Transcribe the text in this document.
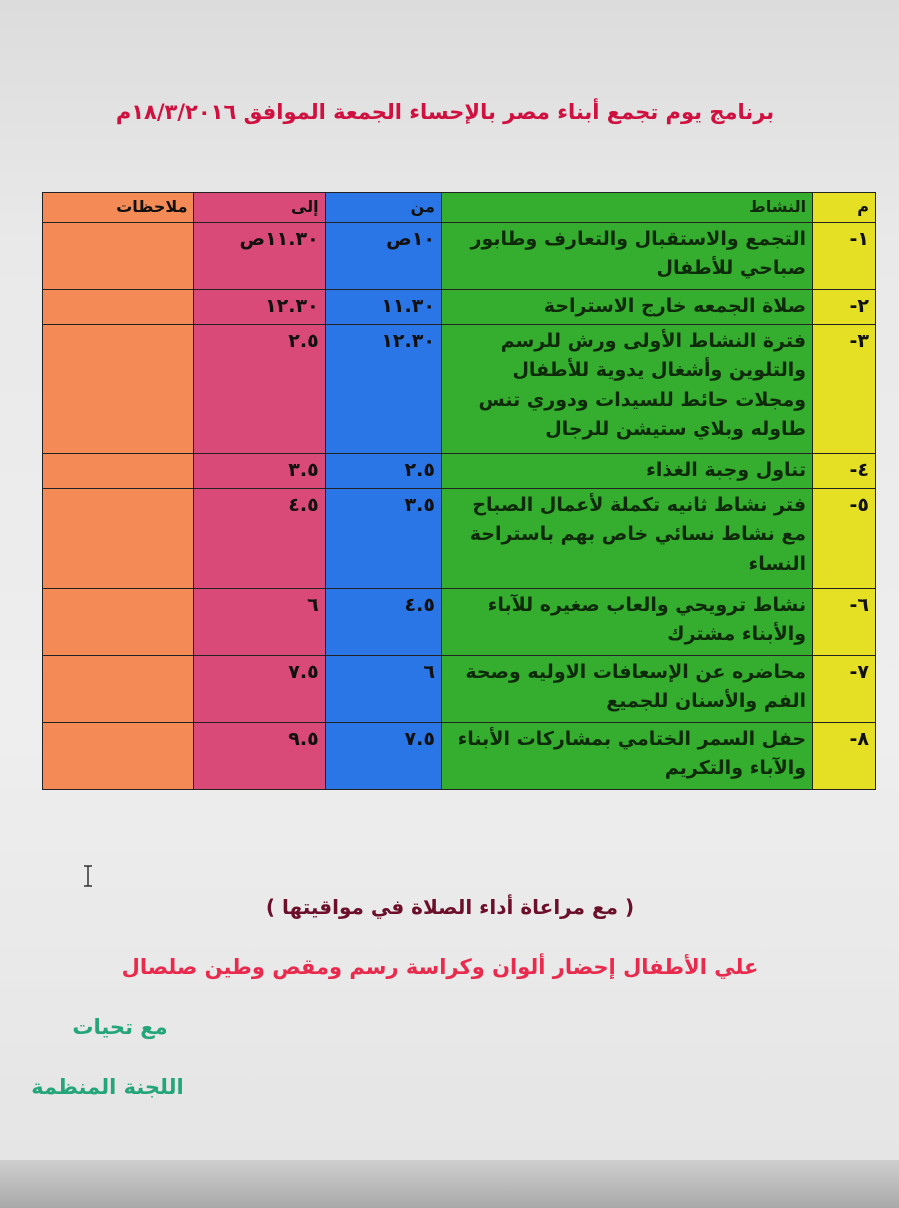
برنامج يوم تجمع أبناء مصر بالإحساء الجمعة الموافق ١٨/٣/٢٠١٦م
م	النشاط	من	إلى	ملاحظات
١-	التجمع والاستقبال والتعارف وطابور صباحي للأطفال	١٠ص	١١.٣٠ص	
٢-	صلاة الجمعه خارج الاستراحة	١١.٣٠	١٢.٣٠	
٣-	فترة النشاط الأولى ورش للرسم والتلوين وأشغال يدوية للأطفال ومجلات حائط للسيدات ودوري تنس طاوله وبلاي ستيشن للرجال	١٢.٣٠	٢.٥	
٤-	تناول وجبة الغذاء	٢.٥	٣.٥	
٥-	فتر نشاط ثانيه تكملة لأعمال الصباح مع نشاط نسائي خاص بهم باستراحة النساء	٣.٥	٤.٥	
٦-	نشاط ترويحي والعاب صغيره للآباء والأبناء مشترك	٤.٥	٦	
٧-	محاضره عن الإسعافات الاوليه وصحة الفم والأسنان للجميع	٦	٧.٥	
٨-	حفل السمر الختامي بمشاركات الأبناء والآباء والتكريم	٧.٥	٩.٥	
( مع مراعاة أداء الصلاة في مواقيتها )
علي الأطفال إحضار ألوان وكراسة رسم ومقص وطين صلصال
مع تحيات
اللجنة المنظمة
